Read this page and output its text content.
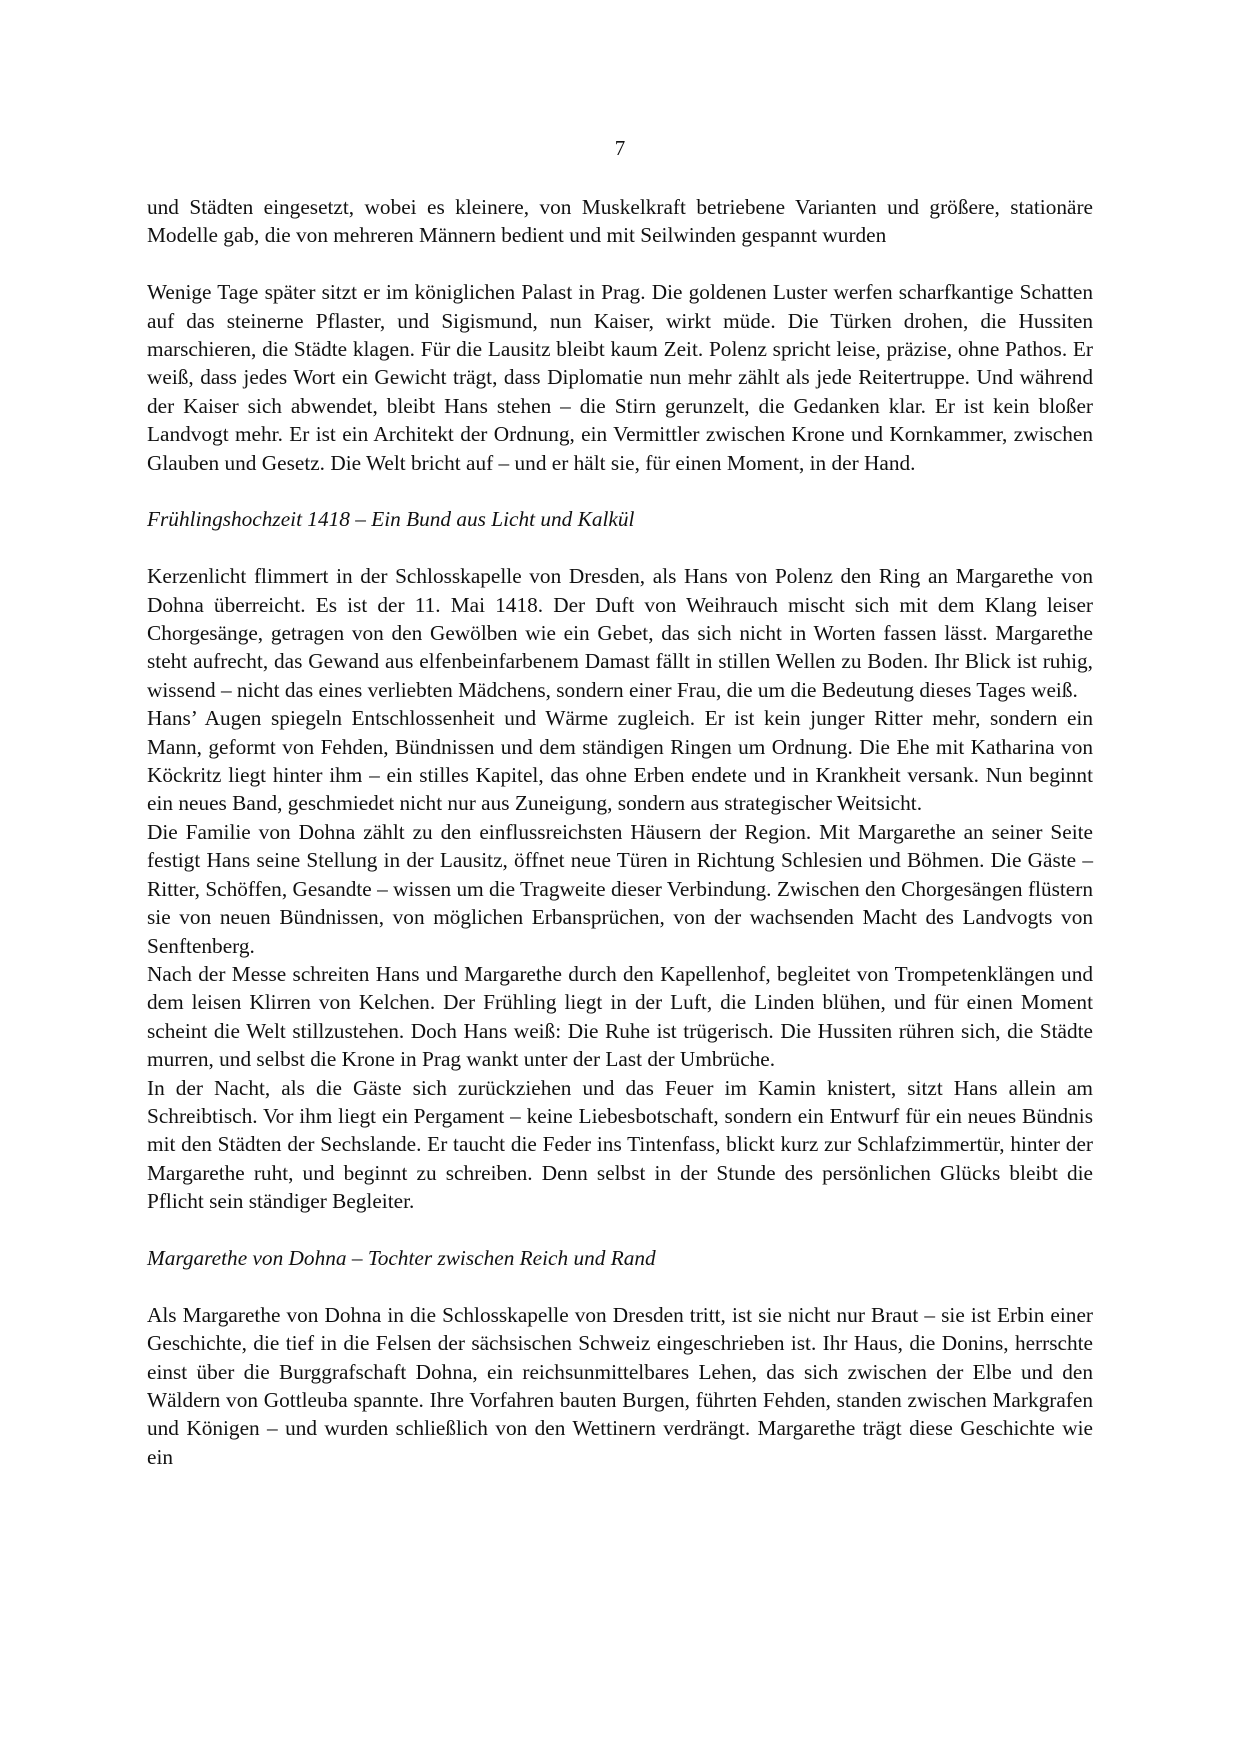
7

und Städten eingesetzt, wobei es kleinere, von Muskelkraft betriebene Varianten und größere, stationäre Modelle gab, die von mehreren Männern bedient und mit Seilwinden gespannt wurden

Wenige Tage später sitzt er im königlichen Palast in Prag. Die goldenen Luster werfen scharfkantige Schatten auf das steinerne Pflaster, und Sigismund, nun Kaiser, wirkt müde. Die Türken drohen, die Hussiten marschieren, die Städte klagen. Für die Lausitz bleibt kaum Zeit. Polenz spricht leise, präzise, ohne Pathos. Er weiß, dass jedes Wort ein Gewicht trägt, dass Diplomatie nun mehr zählt als jede Reitertruppe. Und während der Kaiser sich abwendet, bleibt Hans stehen – die Stirn gerunzelt, die Gedanken klar. Er ist kein bloßer Landvogt mehr. Er ist ein Architekt der Ordnung, ein Vermittler zwischen Krone und Kornkammer, zwischen Glauben und Gesetz. Die Welt bricht auf – und er hält sie, für einen Moment, in der Hand.

Frühlingshochzeit 1418 – Ein Bund aus Licht und Kalkül

Kerzenlicht flimmert in der Schlosskapelle von Dresden, als Hans von Polenz den Ring an Margarethe von Dohna überreicht. Es ist der 11. Mai 1418. Der Duft von Weihrauch mischt sich mit dem Klang leiser Chorgesänge, getragen von den Gewölben wie ein Gebet, das sich nicht in Worten fassen lässt. Margarethe steht aufrecht, das Gewand aus elfenbeinfarbenem Damast fällt in stillen Wellen zu Boden. Ihr Blick ist ruhig, wissend – nicht das eines verliebten Mädchens, sondern einer Frau, die um die Bedeutung dieses Tages weiß.

Hans’ Augen spiegeln Entschlossenheit und Wärme zugleich. Er ist kein junger Ritter mehr, sondern ein Mann, geformt von Fehden, Bündnissen und dem ständigen Ringen um Ordnung. Die Ehe mit Katharina von Köckritz liegt hinter ihm – ein stilles Kapitel, das ohne Erben endete und in Krankheit versank. Nun beginnt ein neues Band, geschmiedet nicht nur aus Zuneigung, sondern aus strategischer Weitsicht.

Die Familie von Dohna zählt zu den einflussreichsten Häusern der Region. Mit Margarethe an seiner Seite festigt Hans seine Stellung in der Lausitz, öffnet neue Türen in Richtung Schlesien und Böhmen. Die Gäste – Ritter, Schöffen, Gesandte – wissen um die Tragweite dieser Verbindung. Zwischen den Chorgesängen flüstern sie von neuen Bündnissen, von möglichen Erbansprüchen, von der wachsenden Macht des Landvogts von Senftenberg.

Nach der Messe schreiten Hans und Margarethe durch den Kapellenhof, begleitet von Trompetenklängen und dem leisen Klirren von Kelchen. Der Frühling liegt in der Luft, die Linden blühen, und für einen Moment scheint die Welt stillzustehen. Doch Hans weiß: Die Ruhe ist trügerisch. Die Hussiten rühren sich, die Städte murren, und selbst die Krone in Prag wankt unter der Last der Umbrüche.

In der Nacht, als die Gäste sich zurückziehen und das Feuer im Kamin knistert, sitzt Hans allein am Schreibtisch. Vor ihm liegt ein Pergament – keine Liebesbotschaft, sondern ein Entwurf für ein neues Bündnis mit den Städten der Sechslande. Er taucht die Feder ins Tintenfass, blickt kurz zur Schlafzimmertür, hinter der Margarethe ruht, und beginnt zu schreiben. Denn selbst in der Stunde des persönlichen Glücks bleibt die Pflicht sein ständiger Begleiter.

Margarethe von Dohna – Tochter zwischen Reich und Rand

Als Margarethe von Dohna in die Schlosskapelle von Dresden tritt, ist sie nicht nur Braut – sie ist Erbin einer Geschichte, die tief in die Felsen der sächsischen Schweiz eingeschrieben ist. Ihr Haus, die Donins, herrschte einst über die Burggrafschaft Dohna, ein reichsunmittelbares Lehen, das sich zwischen der Elbe und den Wäldern von Gottleuba spannte. Ihre Vorfahren bauten Burgen, führten Fehden, standen zwischen Markgrafen und Königen – und wurden schließlich von den Wettinern verdrängt. Margarethe trägt diese Geschichte wie ein
